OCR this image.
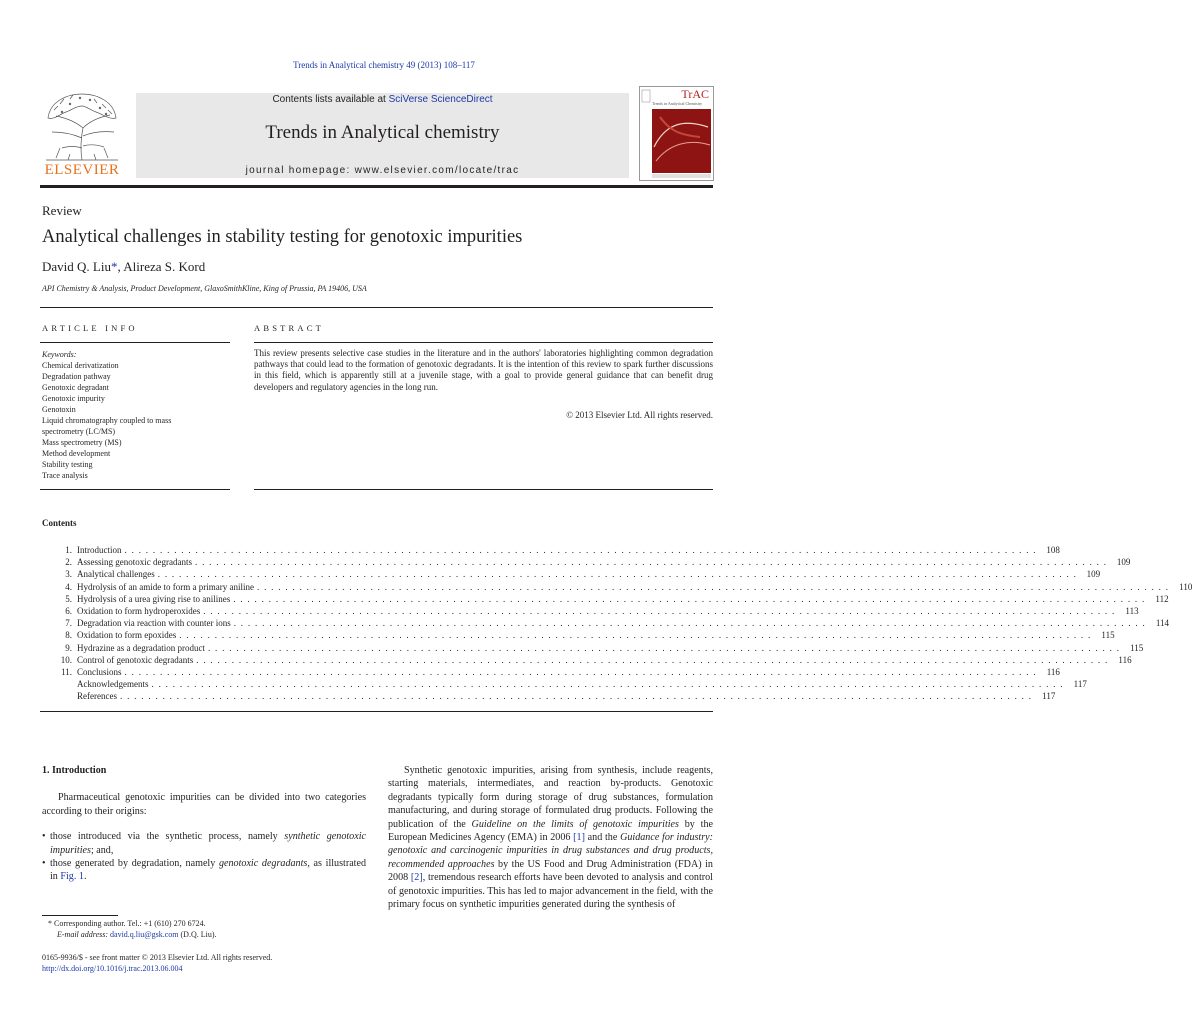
Trends in Analytical chemistry 49 (2013) 108–117
ELSEVIER
Contents lists available at SciVerse ScienceDirect
Trends in Analytical chemistry
journal homepage: www.elsevier.com/locate/trac
TrAC
Trends in Analytical Chemistry
Review
Analytical challenges in stability testing for genotoxic impurities
David Q. Liu*, Alireza S. Kord
API Chemistry & Analysis, Product Development, GlaxoSmithKline, King of Prussia, PA 19406, USA
ARTICLE INFO	ABSTRACT
Keywords:
Chemical derivatization
Degradation pathway
Genotoxic degradant
Genotoxic impurity
Genotoxin
Liquid chromatography coupled to mass
spectrometry (LC/MS)
Mass spectrometry (MS)
Method development
Stability testing
Trace analysis
This review presents selective case studies in the literature and in the authors' laboratories highlighting common degradation pathways that could lead to the formation of genotoxic degradants. It is the intention of this review to spark further discussions in this field, which is apparently still at a juvenile stage, with a goal to provide general guidance that can benefit drug developers and regulatory agencies in the long run.
© 2013 Elsevier Ltd. All rights reserved.
Contents
1. Introduction . . . . . . . . . . . . . . . . . . . . . . . . . . . . . . . . . . . . . . . . . . . . . . . . . . . . . . . . . . . . . . . . . . . . . . . . . . . . . . . . . . . . . . . . . . . . . . . . . . . . . . . . . . . . . . . . . . . . . . . . . . . . . . . . .	108
2. Assessing genotoxic degradants . . . . . . . . . . . . . . . . . . . . . . . . . . . . . . . . . . . . . . . . . . . . . . . . . . . . . . . . . . . . . . . . . . . . . . . . . . . . . . . . . . . . . . . . . . . . . . . . . . . . . . . . . . . . . . . . . . . . . . . . . . . . . . . . .	109
3. Analytical challenges . . . . . . . . . . . . . . . . . . . . . . . . . . . . . . . . . . . . . . . . . . . . . . . . . . . . . . . . . . . . . . . . . . . . . . . . . . . . . . . . . . . . . . . . . . . . . . . . . . . . . . . . . . . . . . . . . . . . . . . . . . . . . . . . . .	109
4. Hydrolysis of an amide to form a primary aniline . . . . . . . . . . . . . . . . . . . . . . . . . . . . . . . . . . . . . . . . . . . . . . . . . . . . . . . . . . . . . . . . . . . . . . . . . . . . . . . . . . . . . . . . . . . . . . . . . . . . . . . . . . . . . . . . . . . . . . . . . . . . . . . . .	110
5. Hydrolysis of a urea giving rise to anilines . . . . . . . . . . . . . . . . . . . . . . . . . . . . . . . . . . . . . . . . . . . . . . . . . . . . . . . . . . . . . . . . . . . . . . . . . . . . . . . . . . . . . . . . . . . . . . . . . . . . . . . . . . . . . . . . . . . . . . . . . . . . . . . . .	112
6. Oxidation to form hydroperoxides . . . . . . . . . . . . . . . . . . . . . . . . . . . . . . . . . . . . . . . . . . . . . . . . . . . . . . . . . . . . . . . . . . . . . . . . . . . . . . . . . . . . . . . . . . . . . . . . . . . . . . . . . . . . . . . . . . . . . . . . . . . . . . . . .	113
7. Degradation via reaction with counter ions . . . . . . . . . . . . . . . . . . . . . . . . . . . . . . . . . . . . . . . . . . . . . . . . . . . . . . . . . . . . . . . . . . . . . . . . . . . . . . . . . . . . . . . . . . . . . . . . . . . . . . . . . . . . . . . . . . . . . . . . . . . . . . . . .	114
8. Oxidation to form epoxides . . . . . . . . . . . . . . . . . . . . . . . . . . . . . . . . . . . . . . . . . . . . . . . . . . . . . . . . . . . . . . . . . . . . . . . . . . . . . . . . . . . . . . . . . . . . . . . . . . . . . . . . . . . . . . . . . . . . . . . . . . . . . . . . .	115
9. Hydrazine as a degradation product . . . . . . . . . . . . . . . . . . . . . . . . . . . . . . . . . . . . . . . . . . . . . . . . . . . . . . . . . . . . . . . . . . . . . . . . . . . . . . . . . . . . . . . . . . . . . . . . . . . . . . . . . . . . . . . . . . . . . . . . . . . . . . . . .	115
10. Control of genotoxic degradants . . . . . . . . . . . . . . . . . . . . . . . . . . . . . . . . . . . . . . . . . . . . . . . . . . . . . . . . . . . . . . . . . . . . . . . . . . . . . . . . . . . . . . . . . . . . . . . . . . . . . . . . . . . . . . . . . . . . . . . . . . . . . . . . .	116
11. Conclusions . . . . . . . . . . . . . . . . . . . . . . . . . . . . . . . . . . . . . . . . . . . . . . . . . . . . . . . . . . . . . . . . . . . . . . . . . . . . . . . . . . . . . . . . . . . . . . . . . . . . . . . . . . . . . . . . . . . . . . . . . . . . . . . . .	116
Acknowledgements . . . . . . . . . . . . . . . . . . . . . . . . . . . . . . . . . . . . . . . . . . . . . . . . . . . . . . . . . . . . . . . . . . . . . . . . . . . . . . . . . . . . . . . . . . . . . . . . . . . . . . . . . . . . . . . . . . . . . . . . . . . . . . . . .	117
References . . . . . . . . . . . . . . . . . . . . . . . . . . . . . . . . . . . . . . . . . . . . . . . . . . . . . . . . . . . . . . . . . . . . . . . . . . . . . . . . . . . . . . . . . . . . . . . . . . . . . . . . . . . . . . . . . . . . . . . . . . . . . . . . .	117
1. Introduction

Pharmaceutical genotoxic impurities can be divided into two categories according to their origins:

• those introduced via the synthetic process, namely synthetic genotoxic impurities; and,
• those generated by degradation, namely genotoxic degradants, as illustrated in Fig. 1.

Synthetic genotoxic impurities, arising from synthesis, include reagents, starting materials, intermediates, and reaction by-products. Genotoxic degradants typically form during storage of drug substances, formulation manufacturing, and during storage of formulated drug products. Following the publication of the Guideline on the limits of genotoxic impurities by the European Medicines Agency (EMA) in 2006 [1] and the Guidance for industry: genotoxic and carcinogenic impurities in drug substances and drug products, recommended approaches by the US Food and Drug Administration (FDA) in 2008 [2], tremendous research efforts have been devoted to analysis and control of genotoxic impurities. This has led to major advancement in the field, with the primary focus on synthetic impurities generated during the synthesis of

* Corresponding author. Tel.: +1 (610) 270 6724.
E-mail address: david.q.liu@gsk.com (D.Q. Liu).
0165-9936/$ - see front matter © 2013 Elsevier Ltd. All rights reserved.
http://dx.doi.org/10.1016/j.trac.2013.06.004
